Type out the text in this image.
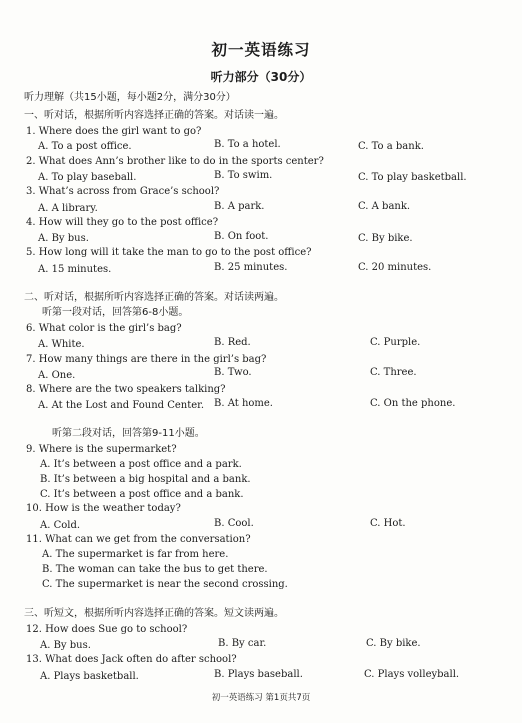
初一英语练习
听力部分（30分）
听力理解（共15小题，每小题2分，满分30分）
一、听对话，根据所听内容选择正确的答案。对话读一遍。
1. Where does the girl want to go?
A. To a post office.	B. To a hotel.	C. To a bank.
2. What does Ann’s brother like to do in the sports center?
A. To play baseball.	B. To swim.	C. To play basketball.
3. What’s across from Grace’s school?
A. A library.	B. A park.	C. A bank.
4. How will they go to the post office?
A. By bus.	B. On foot.	C. By bike.
5. How long will it take the man to go to the post office?
A. 15 minutes.	B. 25 minutes.	C. 20 minutes.
二、听对话，根据所听内容选择正确的答案。对话读两遍。
听第一段对话，回答第6-8小题。
6. What color is the girl’s bag?
A. White.	B. Red.	C. Purple.
7. How many things are there in the girl’s bag?
A. One.	B. Two.	C. Three.
8. Where are the two speakers talking?
A. At the Lost and Found Center. B. At home.	C. On the phone.
听第二段对话，回答第9-11小题。
9. Where is the supermarket?
A. It’s between a post office and a park.
B. It’s between a big hospital and a bank.
C. It’s between a post office and a bank.
10. How is the weather today?
A. Cold.	B. Cool.	C. Hot.
11. What can we get from the conversation?
A. The supermarket is far from here.
B. The woman can take the bus to get there.
C. The supermarket is near the second crossing.
三、听短文，根据所听内容选择正确的答案。短文读两遍。
12. How does Sue go to school?
A. By bus.	B. By car.	C. By bike.
13. What does Jack often do after school?
A. Plays basketball.	B. Plays baseball.	C. Plays volleyball.
初一英语练习 第1页共7页
